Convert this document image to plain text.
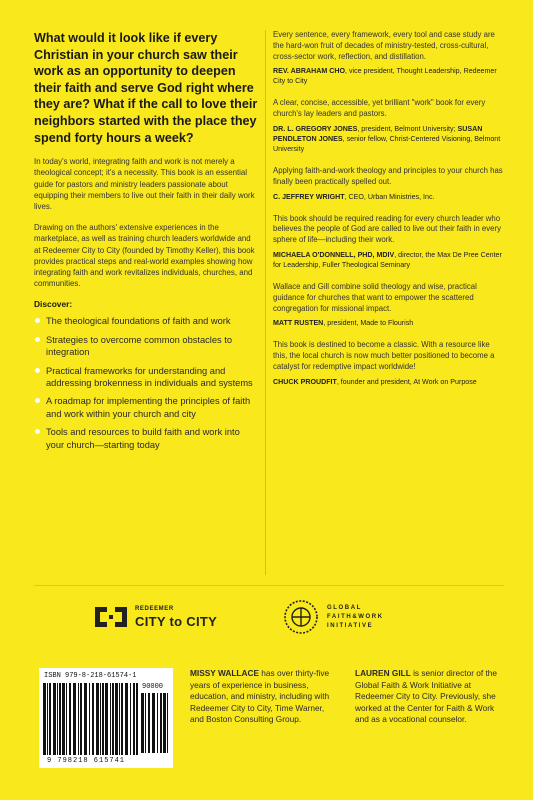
What would it look like if every Christian in your church saw their work as an opportunity to deepen their faith and serve God right where they are? What if the call to love their neighbors started with the place they spend forty hours a week?

In today's world, integrating faith and work is not merely a theological concept; it's a necessity. This book is an essential guide for pastors and ministry leaders passionate about equipping their members to live out their faith in their daily work lives.

Drawing on the authors' extensive experiences in the marketplace, as well as training church leaders worldwide and at Redeemer City to City (founded by Timothy Keller), this book provides practical steps and real-world examples showing how integrating faith and work revitalizes individuals, churches, and communities.

Discover:
The theological foundations of faith and work
Strategies to overcome common obstacles to integration
Practical frameworks for understanding and addressing brokenness in individuals and systems
A roadmap for implementing the principles of faith and work within your church and city
Tools and resources to build faith and work into your church—starting today

Every sentence, every framework, every tool and case study are the hard-won fruit of decades of ministry-tested, cross-cultural, cross-sector work, reflection, and distillation.

REV. ABRAHAM CHO, vice president, Thought Leadership, Redeemer City to City

A clear, concise, accessible, yet brilliant "work" book for every church's lay leaders and pastors.

DR. L. GREGORY JONES, president, Belmont University; SUSAN PENDLETON JONES, senior fellow, Christ-Centered Visioning, Belmont University

Applying faith-and-work theology and principles to your church has finally been practically spelled out.

C. JEFFREY WRIGHT, CEO, Urban Ministries, Inc.

This book should be required reading for every church leader who believes the people of God are called to live out their faith in every sphere of life—including their work.

MICHAELA O'DONNELL, PHD, MDIV, director, the Max De Pree Center for Leadership, Fuller Theological Seminary

Wallace and Gill combine solid theology and wise, practical guidance for churches that want to empower the scattered congregation for missional impact.

MATT RUSTEN, president, Made to Flourish

This book is destined to become a classic. With a resource like this, the local church is now much better positioned to become a catalyst for redemptive impact worldwide!

CHUCK PROUDFIT, founder and president, At Work on Purpose

REDEEMER
CITY to CITY
GLOBAL
FAITH&WORK
INITIATIVE
ISBN 979-8-218-61574-1
90000
9 798218 615741
MISSY WALLACE has over thirty-five years of experience in business, education, and ministry, including with Redeemer City to City, Time Warner, and Boston Consulting Group.
LAUREN GILL is senior director of the Global Faith & Work Initiative at Redeemer City to City. Previously, she worked at the Center for Faith & Work and as a vocational counselor.
